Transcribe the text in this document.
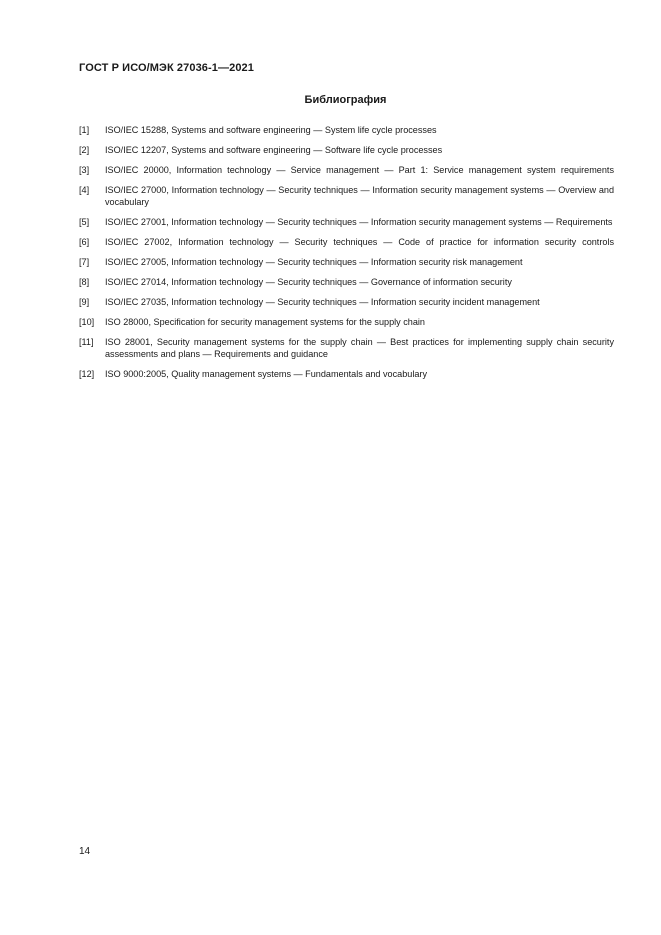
ГОСТ Р ИСО/МЭК 27036-1—2021
Библиография
[1]	ISO/IEC 15288, Systems and software engineering — System life cycle processes
[2]	ISO/IEC 12207, Systems and software engineering — Software life cycle processes
[3]	ISO/IEC 20000, Information technology — Service management — Part 1: Service management system requirements
[4]	ISO/IEC 27000, Information technology — Security techniques — Information security management systems — Overview and vocabulary
[5]	ISO/IEC 27001, Information technology — Security techniques — Information security management systems — Requirements
[6]	ISO/IEC 27002, Information technology — Security techniques — Code of practice for information security controls
[7]	ISO/IEC 27005, Information technology — Security techniques — Information security risk management
[8]	ISO/IEC 27014, Information technology — Security techniques — Governance of information security
[9]	ISO/IEC 27035, Information technology — Security techniques — Information security incident management
[10]	ISO 28000, Specification for security management systems for the supply chain
[11]	ISO 28001, Security management systems for the supply chain — Best practices for implementing supply chain security assessments and plans — Requirements and guidance
[12]	ISO 9000:2005, Quality management systems — Fundamentals and vocabulary
14
